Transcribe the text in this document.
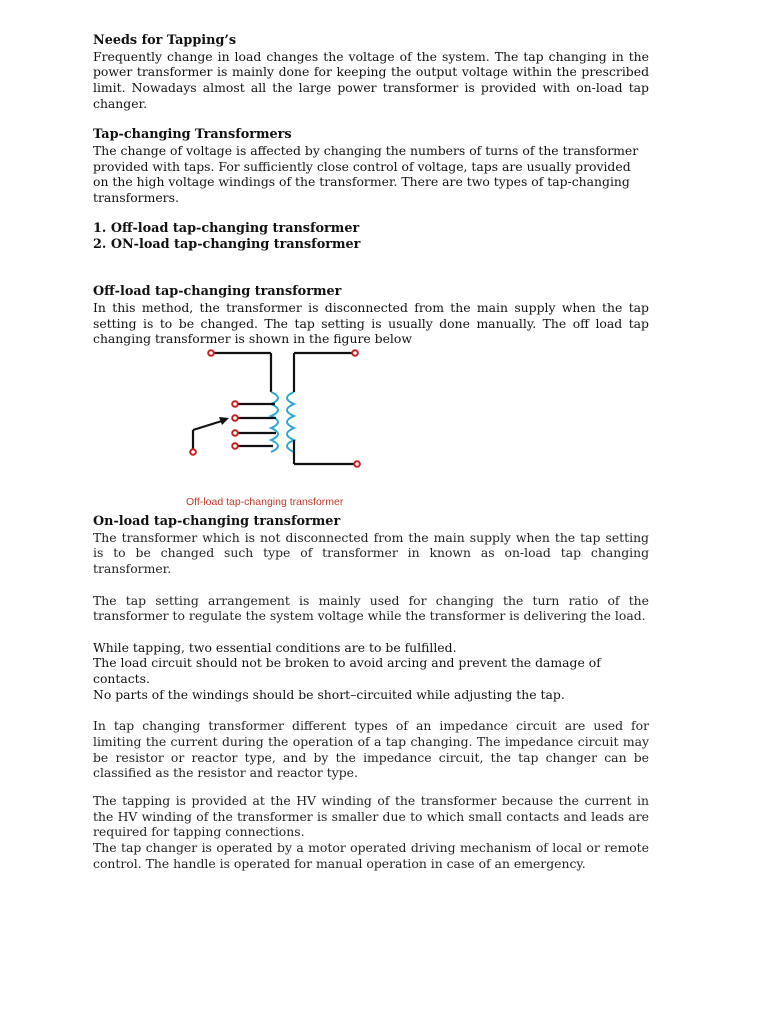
Needs for Tapping’s

Frequently change in load changes the voltage of the system. The tap changing in the power transformer is mainly done for keeping the output voltage within the prescribed limit. Nowadays almost all the large power transformer is provided with on-load tap changer.

Tap-changing Transformers

The change of voltage is affected by changing the numbers of turns of the transformer provided with taps. For sufficiently close control of voltage, taps are usually provided on the high voltage windings of the transformer. There are two types of tap-changing transformers.

1. Off-load tap-changing transformer
2. ON-load tap-changing transformer
Off-load tap-changing transformer

In this method, the transformer is disconnected from the main supply when the tap setting is to be changed. The tap setting is usually done manually. The off load tap changing transformer is shown in the figure below

Off-load tap-changing transformer
On-load tap-changing transformer

The transformer which is not disconnected from the main supply when the tap setting is to be changed such type of transformer in known as on-load tap changing transformer.

The tap setting arrangement is mainly used for changing the turn ratio of the transformer to regulate the system voltage while the transformer is delivering the load.

While tapping, two essential conditions are to be fulfilled.

The load circuit should not be broken to avoid arcing and prevent the damage of contacts.

No parts of the windings should be short–circuited while adjusting the tap.

In tap changing transformer different types of an impedance circuit are used for limiting the current during the operation of a tap changing. The impedance circuit may be resistor or reactor type, and by the impedance circuit, the tap changer can be classified as the resistor and reactor type.

The tapping is provided at the HV winding of the transformer because the current in the HV winding of the transformer is smaller due to which small contacts and leads are required for tapping connections.

The tap changer is operated by a motor operated driving mechanism of local or remote control. The handle is operated for manual operation in case of an emergency.
